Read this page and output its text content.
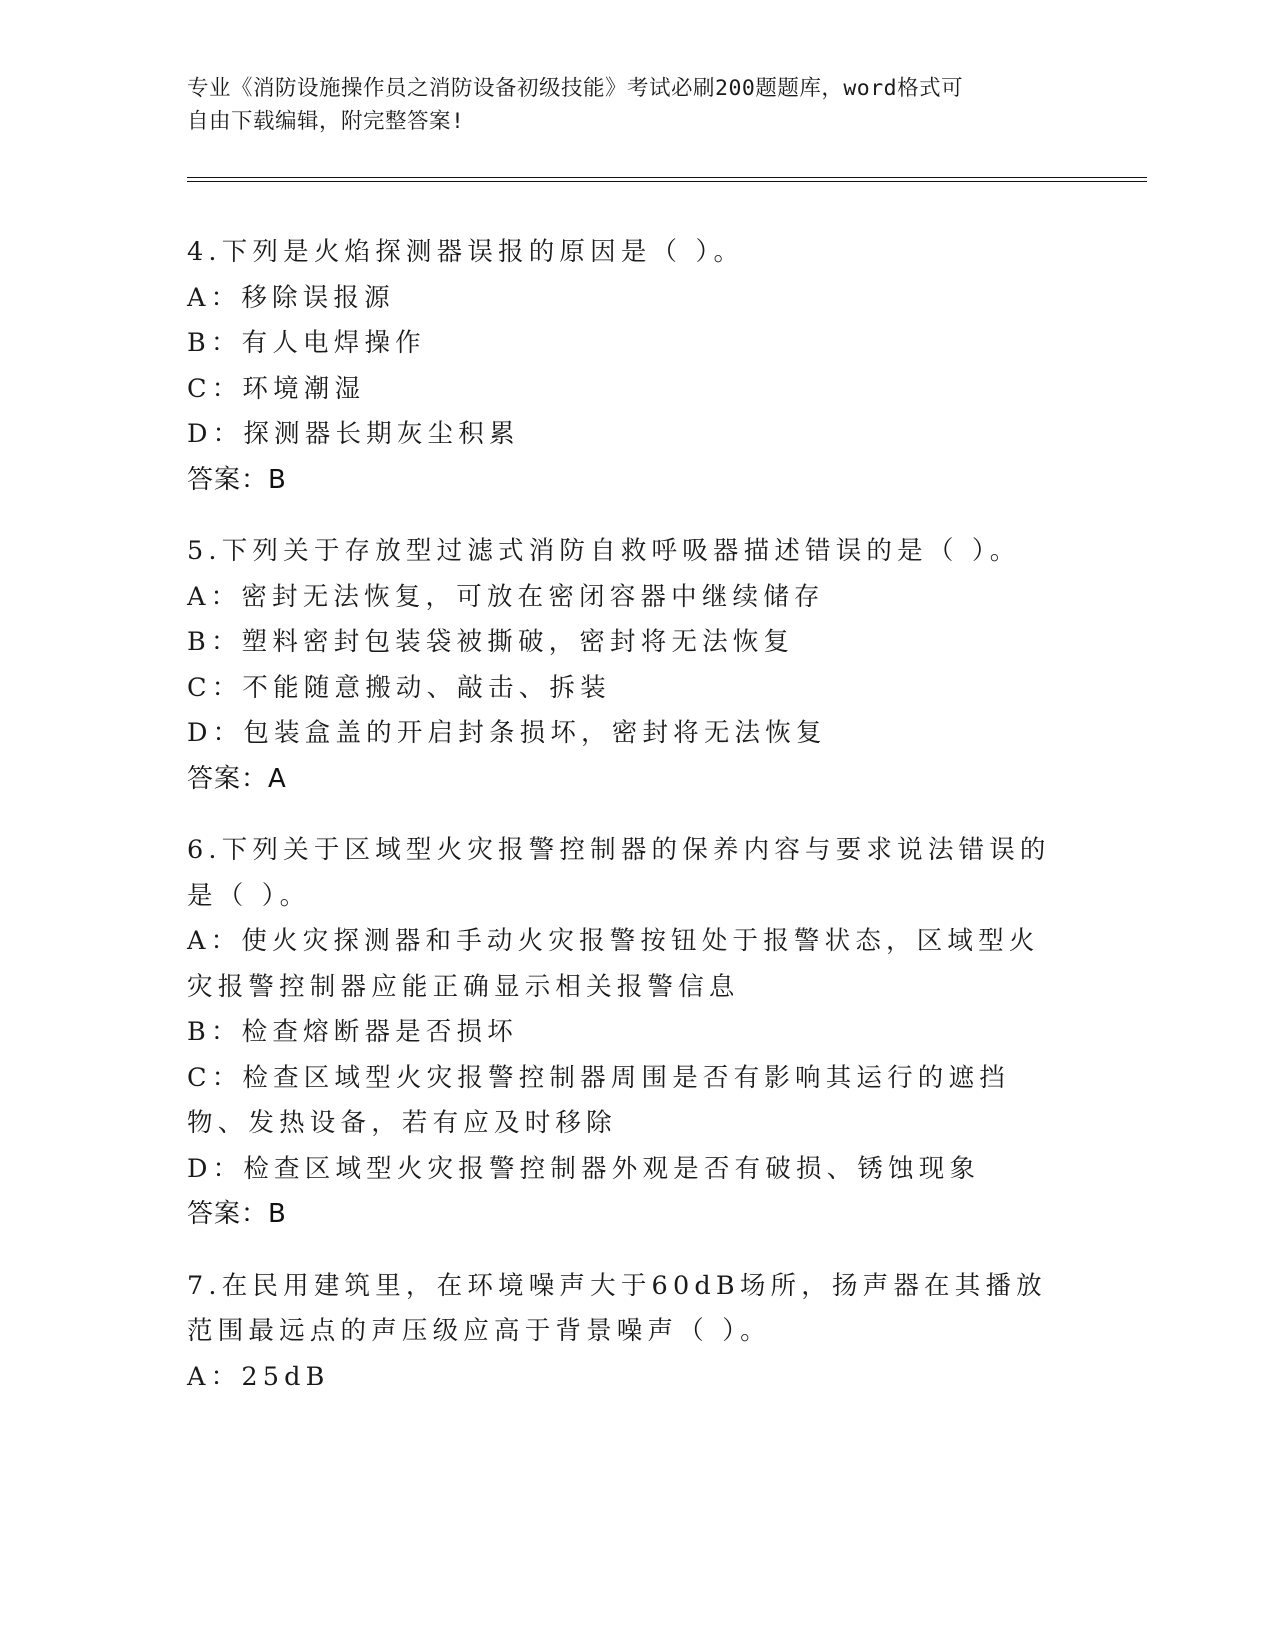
专业《消防设施操作员之消防设备初级技能》考试必刷200题题库，word格式可
自由下载编辑，附完整答案!
4.下列是火焰探测器误报的原因是（ ）。
A：移除误报源
B：有人电焊操作
C：环境潮湿
D：探测器长期灰尘积累
答案：B
5.下列关于存放型过滤式消防自救呼吸器描述错误的是（ ）。
A：密封无法恢复，可放在密闭容器中继续储存
B：塑料密封包装袋被撕破，密封将无法恢复
C：不能随意搬动、敲击、拆装
D：包装盒盖的开启封条损坏，密封将无法恢复
答案：A
6.下列关于区域型火灾报警控制器的保养内容与要求说法错误的是（ ）。
A：使火灾探测器和手动火灾报警按钮处于报警状态，区域型火灾报警控制器应能正确显示相关报警信息
B：检查熔断器是否损坏
C：检查区域型火灾报警控制器周围是否有影响其运行的遮挡物、发热设备，若有应及时移除
D：检查区域型火灾报警控制器外观是否有破损、锈蚀现象
答案：B
7.在民用建筑里，在环境噪声大于60dB场所，扬声器在其播放范围最远点的声压级应高于背景噪声（ ）。
A：25dB
